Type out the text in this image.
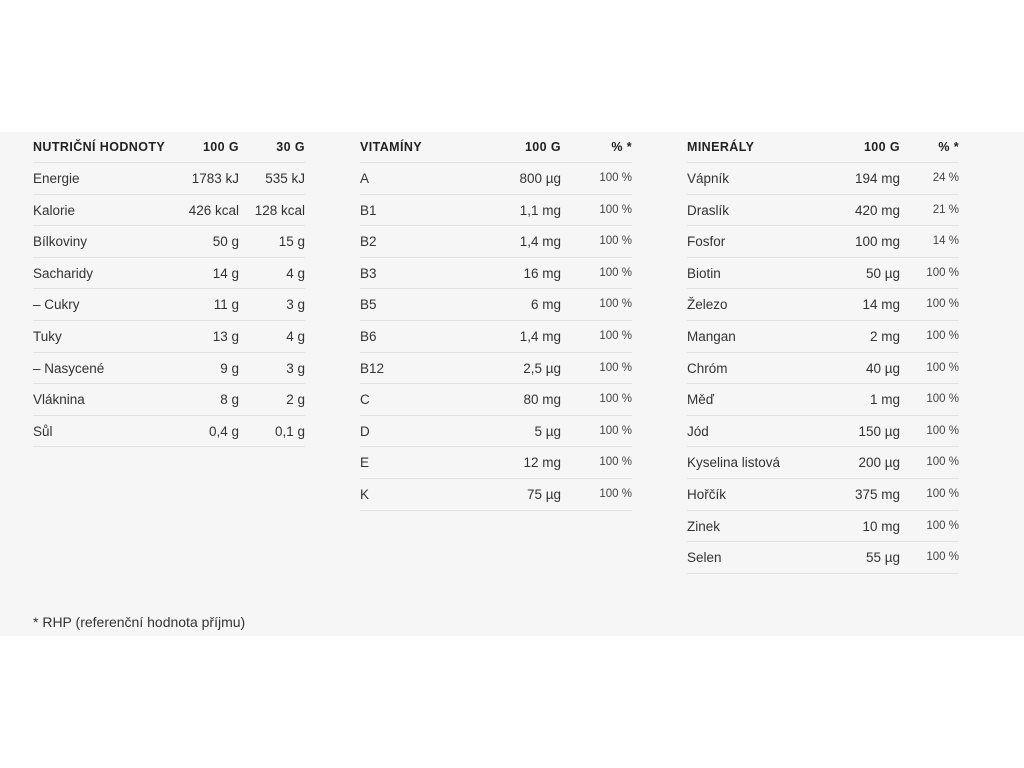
NUTRIČNÍ HODNOTY	100 G	30 G
Energie	1783 kJ 535 kJ
Kalorie	426 kcal 128 kcal
Bílkoviny	50 g	15 g
Sacharidy	14 g	4 g
– Cukry	11 g	3 g
Tuky	13 g	4 g
– Nasycené	9 g	3 g
Vláknina	8 g	2 g
Sůl	0,4 g	0,1 g
VITAMÍNY	100 G	% *
A	800 µg	100 %
B1	1,1 mg	100 %
B2	1,4 mg	100 %
B3	16 mg	100 %
B5	6 mg	100 %
B6	1,4 mg	100 %
B12	2,5 µg	100 %
C	80 mg	100 %
D	5 µg	100 %
E	12 mg	100 %
K	75 µg	100 %
MINERÁLY	100 G	% *
Vápník	194 mg	24 %
Draslík	420 mg	21 %
Fosfor	100 mg	14 %
Biotin	50 µg 100 %
Železo	14 mg 100 %
Mangan	2 mg 100 %
Chróm	40 µg 100 %
Měď	1 mg 100 %
Jód	150 µg 100 %
Kyselina listová	200 µg 100 %
Hořčík	375 mg 100 %
Zinek	10 mg 100 %
Selen	55 µg 100 %
* RHP (referenční hodnota příjmu)
